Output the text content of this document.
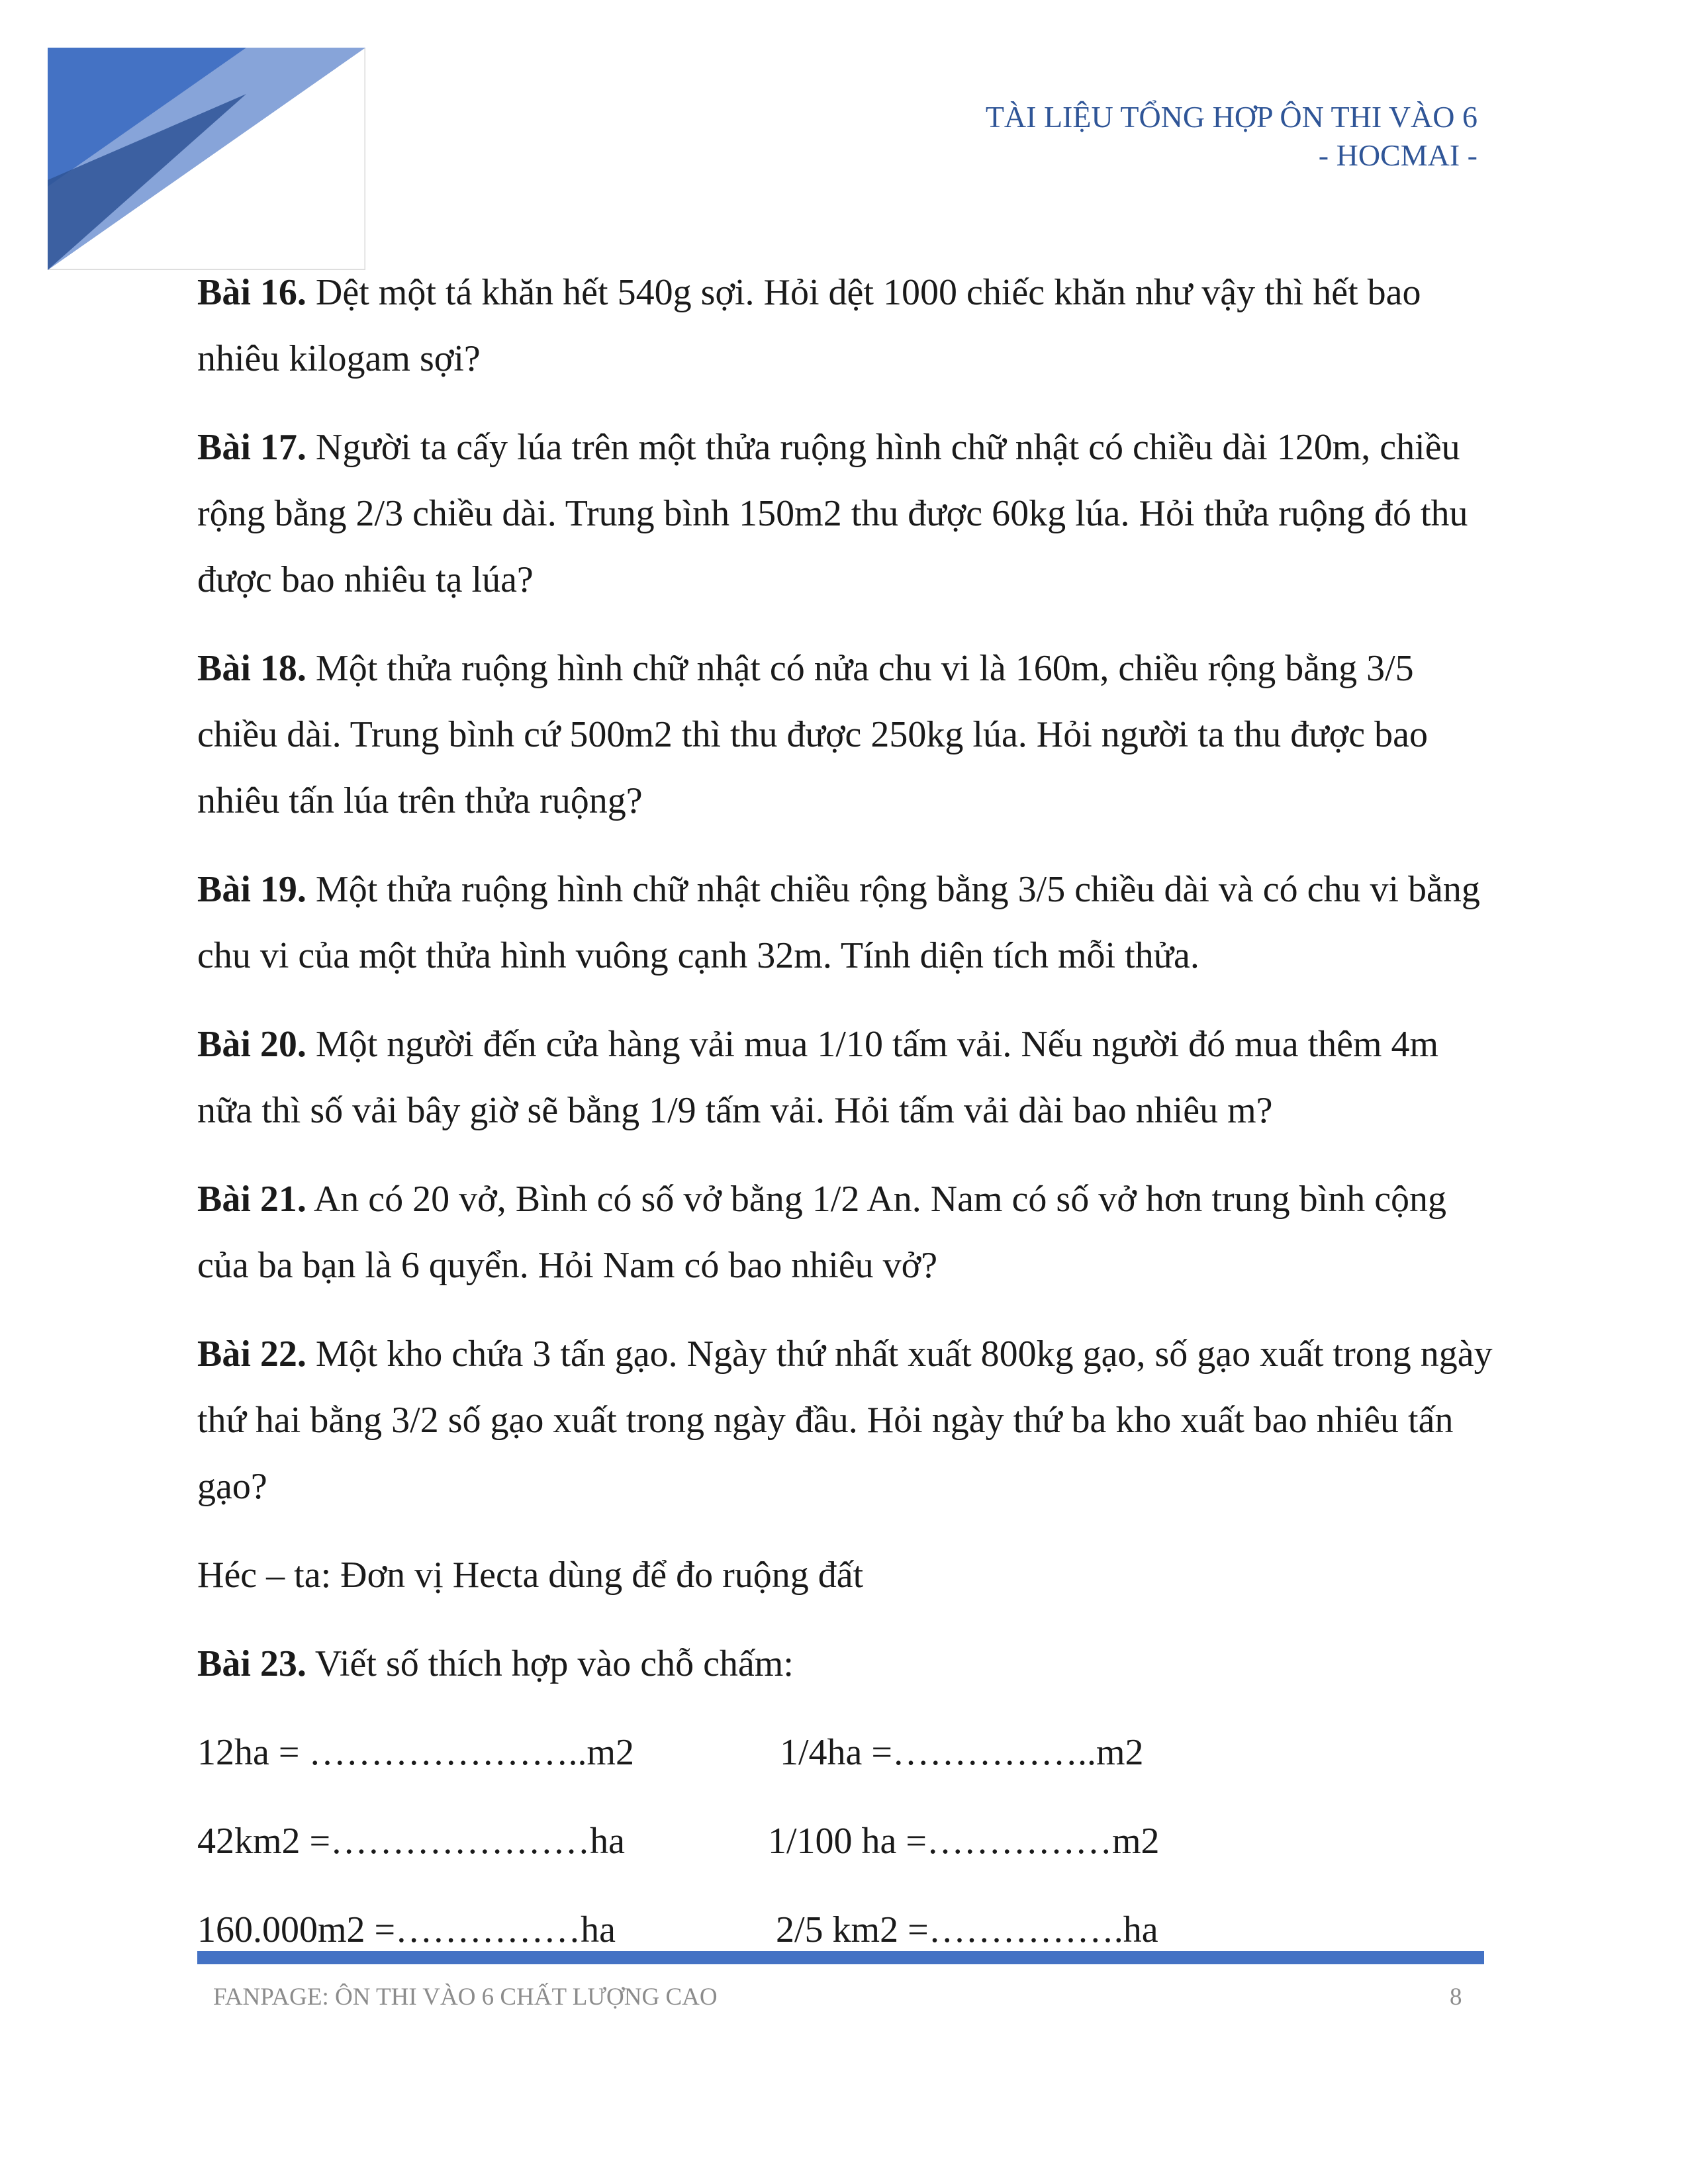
TÀI LIỆU TỔNG HỢP ÔN THI VÀO 6
- HOCMAI -

Bài 16. Dệt một tá khăn hết 540g sợi. Hỏi dệt 1000 chiếc khăn như vậy thì hết bao nhiêu kilogam sợi?

Bài 17. Người ta cấy lúa trên một thửa ruộng hình chữ nhật có chiều dài 120m, chiều rộng bằng 2/3 chiều dài. Trung bình 150m2 thu được 60kg lúa. Hỏi thửa ruộng đó thu được bao nhiêu tạ lúa?

Bài 18. Một thửa ruộng hình chữ nhật có nửa chu vi là 160m, chiều rộng bằng 3/5 chiều dài. Trung bình cứ 500m2 thì thu được 250kg lúa. Hỏi người ta thu được bao nhiêu tấn lúa trên thửa ruộng?

Bài 19. Một thửa ruộng hình chữ nhật chiều rộng bằng 3/5 chiều dài và có chu vi bằng chu vi của một thửa hình vuông cạnh 32m. Tính diện tích mỗi thửa.

Bài 20. Một người đến cửa hàng vải mua 1/10 tấm vải. Nếu người đó mua thêm 4m nữa thì số vải bây giờ sẽ bằng 1/9 tấm vải. Hỏi tấm vải dài bao nhiêu m?

Bài 21. An có 20 vở, Bình có số vở bằng 1/2 An. Nam có số vở hơn trung bình cộng của ba bạn là 6 quyển. Hỏi Nam có bao nhiêu vở?

Bài 22. Một kho chứa 3 tấn gạo. Ngày thứ nhất xuất 800kg gạo, số gạo xuất trong ngày thứ hai bằng 3/2 số gạo xuất trong ngày đầu. Hỏi ngày thứ ba kho xuất bao nhiêu tấn gạo?

Héc – ta: Đơn vị Hecta dùng để đo ruộng đất

Bài 23. Viết số thích hợp vào chỗ chấm:

12ha = …………………..m2	1/4ha =……………..m2
42km2 =…………………ha	1/100 ha =……………m2
160.000m2 =……………ha	2/5 km2 =…………….ha
FANPAGE: ÔN THI VÀO 6 CHẤT LƯỢNG CAO	8
